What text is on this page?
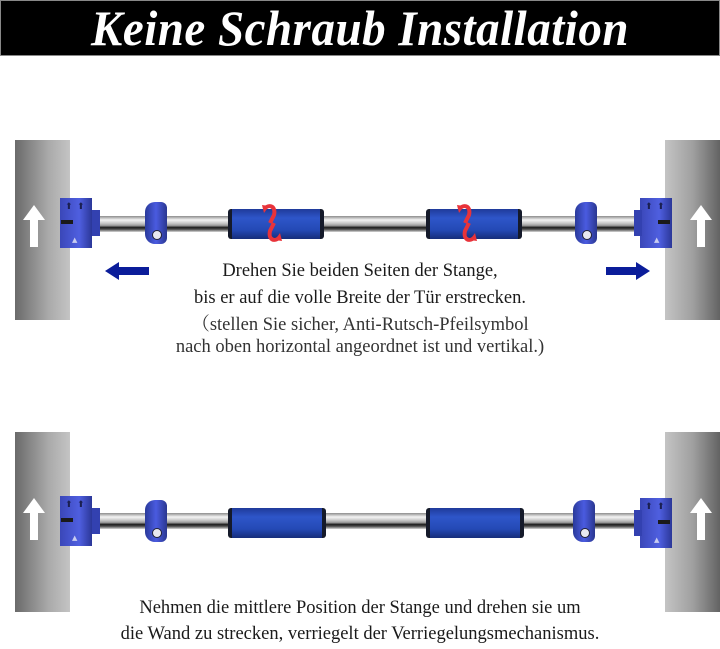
Keine Schraub Installation
⬆ ⬆
▲
⬆ ⬆
▲
Drehen Sie beiden Seiten der Stange,
bis er auf die volle Breite der Tür erstrecken.
（stellen Sie sicher, Anti-Rutsch-Pfeilsymbol
nach oben horizontal angeordnet ist und vertikal.)
⬆ ⬆
▲
⬆ ⬆
▲
Nehmen die mittlere Position der Stange und drehen sie um
die Wand zu strecken, verriegelt der Verriegelungsmechanismus.
